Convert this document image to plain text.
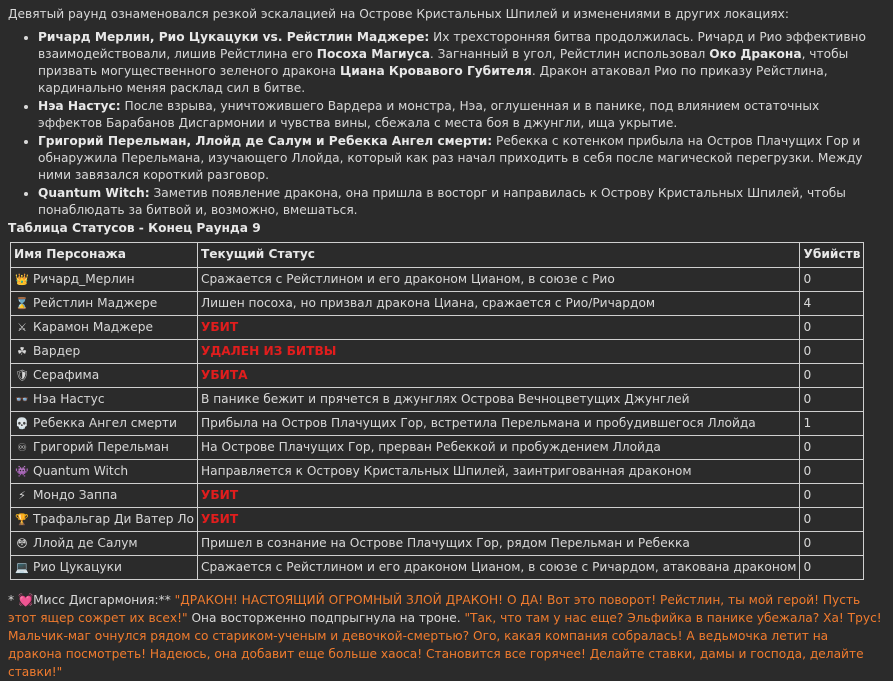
Девятый раунд ознаменовался резкой эскалацией на Острове Кристальных Шпилей и изменениями в других локациях:
• Ричард Мерлин, Рио Цукацуки vs. Рейстлин Маджере: Их трехсторонняя битва продолжилась. Ричард и Рио эффективно взаимодействовали, лишив Рейстлина его Посоха Магиуса. Загнанный в угол, Рейстлин использовал Око Дракона, чтобы призвать могущественного зеленого дракона Циана Кровавого Губителя. Дракон атаковал Рио по приказу Рейстлина, кардинально меняя расклад сил в битве.
• Нэа Настус: После взрыва, уничтожившего Вардера и монстра, Нэа, оглушенная и в панике, под влиянием остаточных эффектов Барабанов Дисгармонии и чувства вины, сбежала с места боя в джунгли, ища укрытие.
• Григорий Перельман, Ллойд де Салум и Ребекка Ангел смерти: Ребекка с котенком прибыла на Остров Плачущих Гор и обнаружила Перельмана, изучающего Ллойда, который как раз начал приходить в себя после магической перегрузки. Между ними завязался короткий разговор.
• Quantum Witch: Заметив появление дракона, она пришла в восторг и направилась к Острову Кристальных Шпилей, чтобы понаблюдать за битвой и, возможно, вмешаться.
Таблица Статусов - Конец Раунда 9
Имя Персонажа	Текущий Статус	Убийств
👑 Ричард_Мерлин	Сражается с Рейстлином и его драконом Цианом, в союзе с Рио	0
⌛ Рейстлин Маджере	Лишен посоха, но призвал дракона Циана, сражается с Рио/Ричардом	4
⚔ Карамон Маджере	УБИТ	0
☘ Вардер	УДАЛЕН ИЗ БИТВЫ	0
🛡 Серафима	УБИТА	0
👓 Нэа Настус	В панике бежит и прячется в джунглях Острова Вечноцветущих Джунглей	0
💀 Ребекка Ангел смерти	Прибыла на Остров Плачущих Гор, встретила Перельмана и пробудившегося Ллойда	1
♾ Григорий Перельман	На Острове Плачущих Гор, прерван Ребеккой и пробуждением Ллойда	0
👾 Quantum Witch	Направляется к Острову Кристальных Шпилей, заинтригованная драконом	0
⚡ Мондо Заппа	УБИТ	0
🏆 Трафальгар Ди Ватер Ло	УБИТ	0
😳 Ллойд де Салум	Пришел в сознание на Острове Плачущих Гор, рядом Перельман и Ребекка	0
💻 Рио Цукацуки	Сражается с Рейстлином и его драконом Цианом, в союзе с Ричардом, атакована драконом	0
* 💓Мисс Дисгармония:** "ДРАКОН! НАСТОЯЩИЙ ОГРОМНЫЙ ЗЛОЙ ДРАКОН! О ДА! Вот это поворот! Рейстлин, ты мой герой! Пусть этот ящер сожрет их всех!" Она восторженно подпрыгнула на троне. "Так, что там у нас еще? Эльфийка в панике убежала? Ха! Трус! Мальчик-маг очнулся рядом со стариком-ученым и девочкой-смертью? Ого, какая компания собралась! А ведьмочка летит на дракона посмотреть! Надеюсь, она добавит еще больше хаоса! Становится все горячее! Делайте ставки, дамы и господа, делайте ставки!"
